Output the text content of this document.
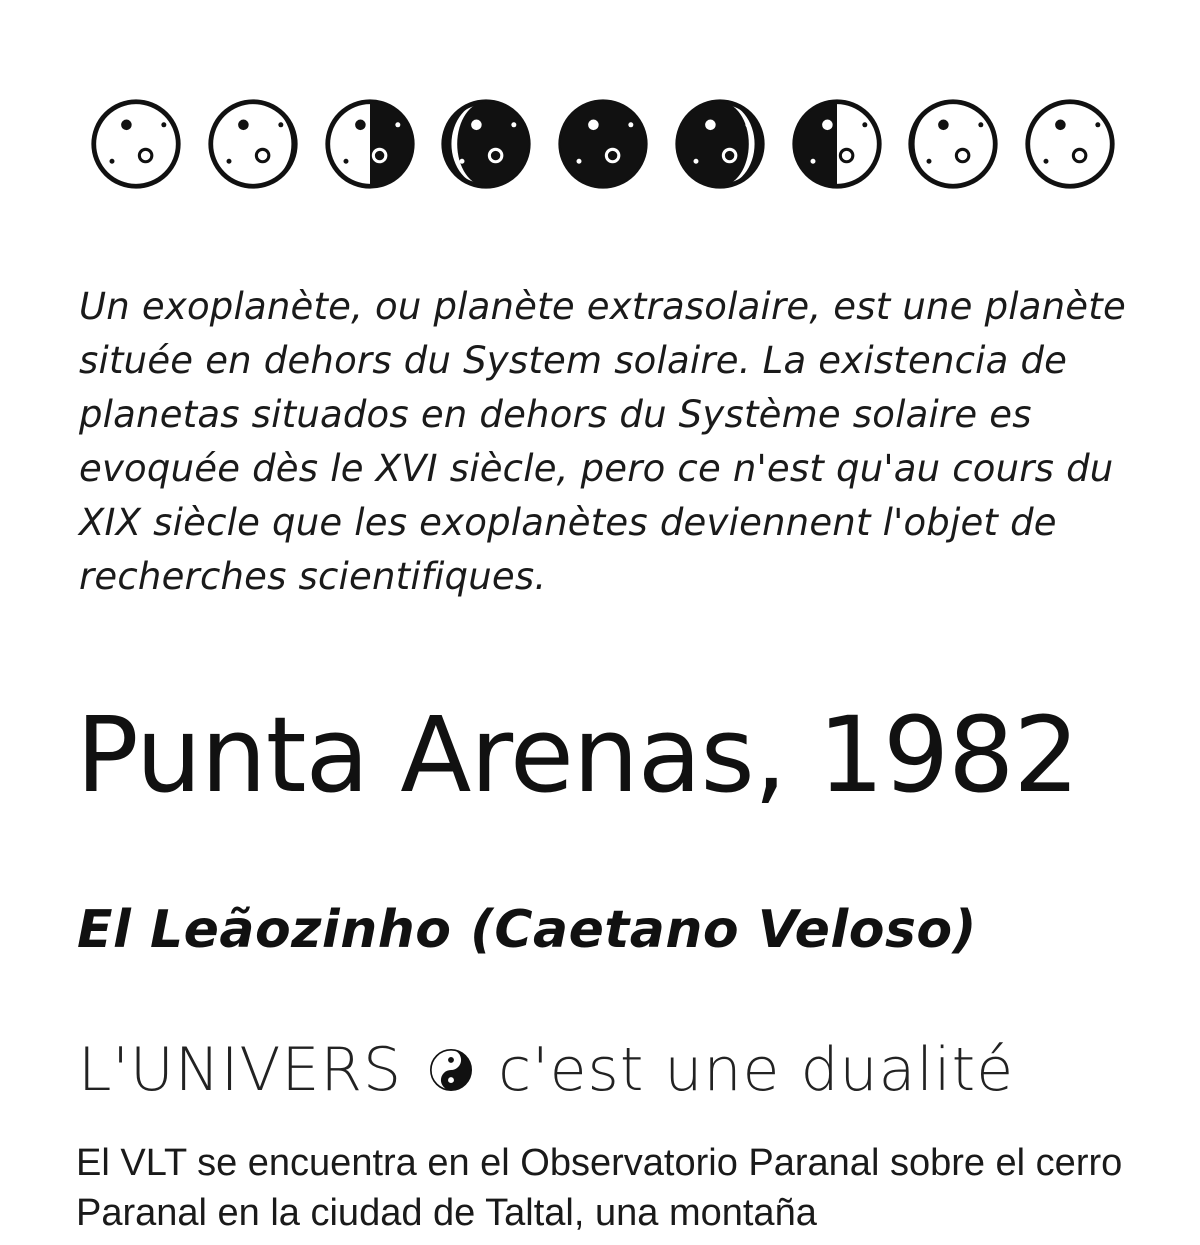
Un exoplanète, ou planète extrasolaire, est une planète située en dehors du System solaire. La existencia de planetas situados en dehors du Système solaire es evoquée dès le XVI siècle, pero ce n'est qu'au cours du XIX siècle que les exoplanètes deviennent l'objet de recherches scientifiques.

Punta Arenas, 1982
El Leãozinho (Caetano Veloso)
L'UNIVERS c'est une dualité

El VLT se encuentra en el Observatorio Paranal sobre el cerro Paranal en la ciudad de Taltal, una montaña
